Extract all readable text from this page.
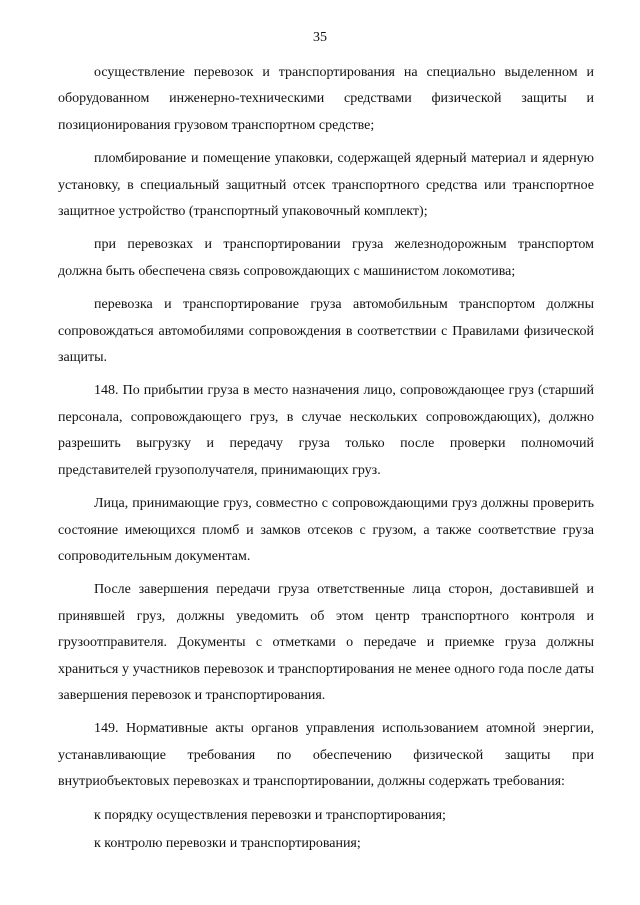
35

осуществление перевозок и транспортирования на специально выделенном и оборудованном инженерно-техническими средствами физической защиты и позиционирования грузовом транспортном средстве;

пломбирование и помещение упаковки, содержащей ядерный материал и ядерную установку, в специальный защитный отсек транспортного средства или транспортное защитное устройство (транспортный упаковочный комплект);

при перевозках и транспортировании груза железнодорожным транспортом должна быть обеспечена связь сопровождающих с машинистом локомотива;

перевозка и транспортирование груза автомобильным транспортом должны сопровождаться автомобилями сопровождения в соответствии с Правилами физической защиты.

148. По прибытии груза в место назначения лицо, сопровождающее груз (старший персонала, сопровождающего груз, в случае нескольких сопровождающих), должно разрешить выгрузку и передачу груза только после проверки полномочий представителей грузополучателя, принимающих груз.

Лица, принимающие груз, совместно с сопровождающими груз должны проверить состояние имеющихся пломб и замков отсеков с грузом, а также соответствие груза сопроводительным документам.

После завершения передачи груза ответственные лица сторон, доставившей и принявшей груз, должны уведомить об этом центр транспортного контроля и грузоотправителя. Документы с отметками о передаче и приемке груза должны храниться у участников перевозок и транспортирования не менее одного года после даты завершения перевозок и транспортирования.

149. Нормативные акты органов управления использованием атомной энергии, устанавливающие требования по обеспечению физической защиты при внутриобъектовых перевозках и транспортировании, должны содержать требования:

к порядку осуществления перевозки и транспортирования;

к контролю перевозки и транспортирования;
